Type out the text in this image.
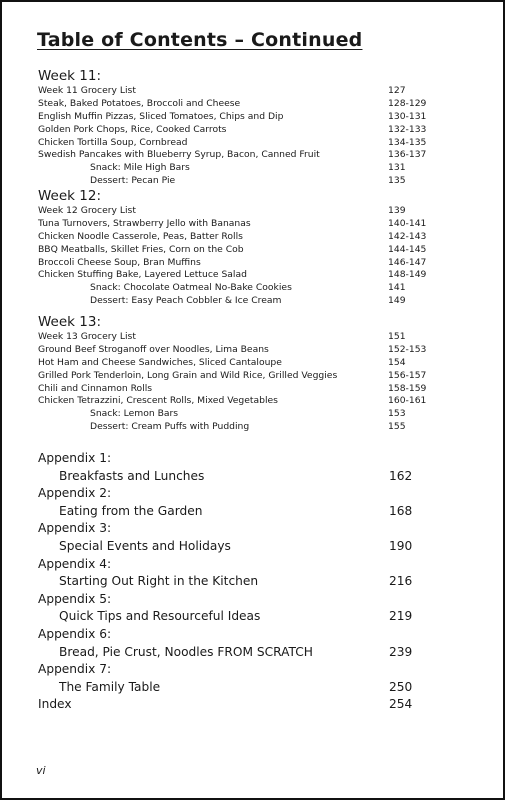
Table of Contents – Continued
Week 11:
Week 11 Grocery List	127
Steak, Baked Potatoes, Broccoli and Cheese	128-129
English Muffin Pizzas, Sliced Tomatoes, Chips and Dip	130-131
Golden Pork Chops, Rice, Cooked Carrots	132-133
Chicken Tortilla Soup, Cornbread	134-135
Swedish Pancakes with Blueberry Syrup, Bacon, Canned Fruit	136-137
Snack: Mile High Bars	131
Dessert: Pecan Pie	135
Week 12:
Week 12 Grocery List	139
Tuna Turnovers, Strawberry Jello with Bananas	140-141
Chicken Noodle Casserole, Peas, Batter Rolls	142-143
BBQ Meatballs, Skillet Fries, Corn on the Cob	144-145
Broccoli Cheese Soup, Bran Muffins	146-147
Chicken Stuffing Bake, Layered Lettuce Salad	148-149
Snack: Chocolate Oatmeal No-Bake Cookies	141
Dessert: Easy Peach Cobbler & Ice Cream	149
Week 13:
Week 13 Grocery List	151
Ground Beef Stroganoff over Noodles, Lima Beans	152-153
Hot Ham and Cheese Sandwiches, Sliced Cantaloupe	154
Grilled Pork Tenderloin, Long Grain and Wild Rice, Grilled Veggies	156-157
Chili and Cinnamon Rolls	158-159
Chicken Tetrazzini, Crescent Rolls, Mixed Vegetables	160-161
Snack: Lemon Bars	153
Dessert: Cream Puffs with Pudding	155
Appendix 1:
Breakfasts and Lunches	162
Appendix 2:
Eating from the Garden	168
Appendix 3:
Special Events and Holidays	190
Appendix 4:
Starting Out Right in the Kitchen	216
Appendix 5:
Quick Tips and Resourceful Ideas	219
Appendix 6:
Bread, Pie Crust, Noodles FROM SCRATCH	239
Appendix 7:
The Family Table	250
Index	254
vi
